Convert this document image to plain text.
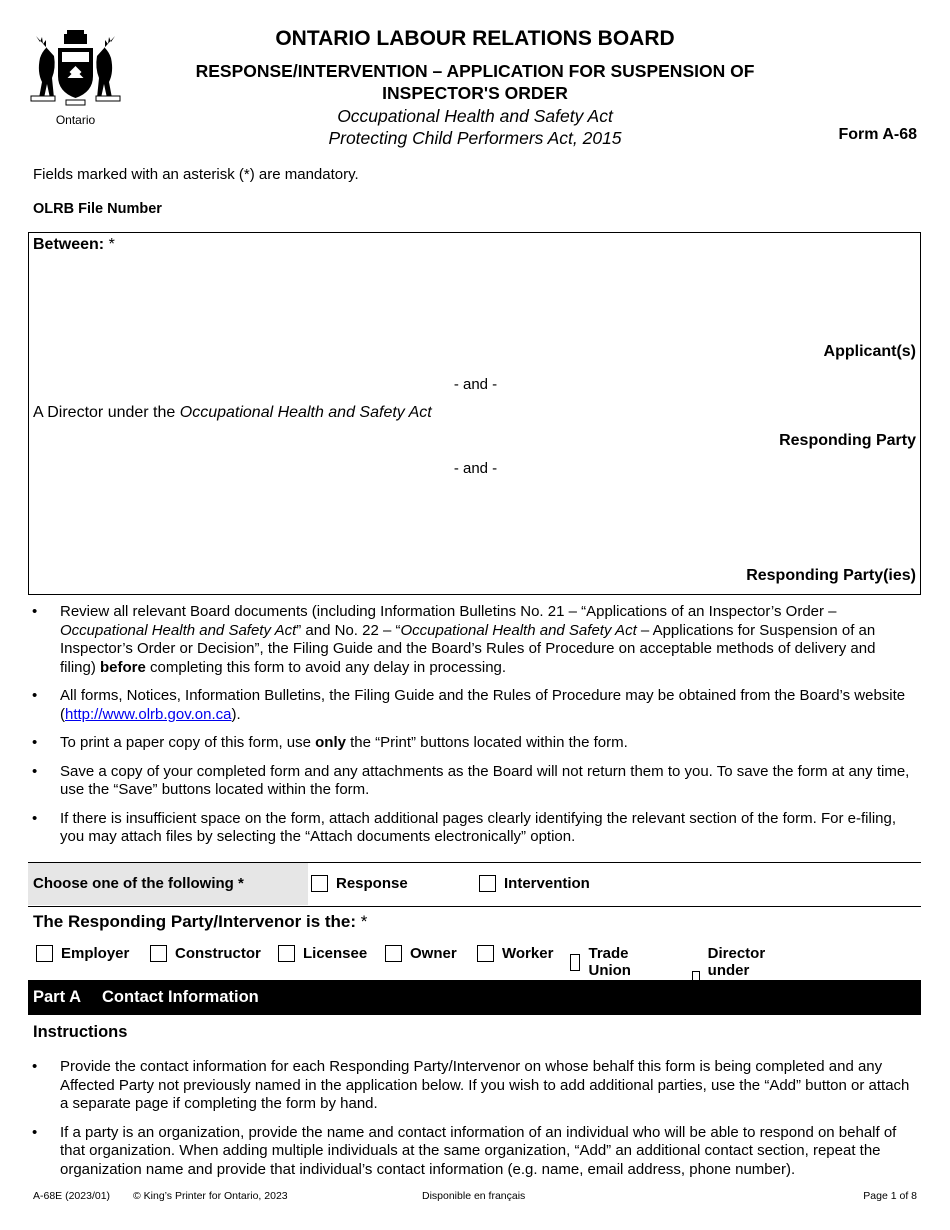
Ontario
ONTARIO LABOUR RELATIONS BOARD
RESPONSE/INTERVENTION – APPLICATION FOR SUSPENSION OF
INSPECTOR'S ORDER
Occupational Health and Safety Act
Protecting Child Performers Act, 2015	Form A-68
Fields marked with an asterisk (*) are mandatory.
OLRB File Number
Between: *
Applicant(s)
- and -
A Director under the Occupational Health and Safety Act
Responding Party
- and -
Responding Party(ies)
• Review all relevant Board documents (including Information Bulletins No. 21 – “Applications of an Inspector’s Order – Occupational Health and Safety Act” and No. 22 – “Occupational Health and Safety Act – Applications for Suspension of an Inspector’s Order or Decision”, the Filing Guide and the Board’s Rules of Procedure on acceptable methods of delivery and filing) before completing this form to avoid any delay in processing.
• All forms, Notices, Information Bulletins, the Filing Guide and the Rules of Procedure may be obtained from the Board’s website (http://www.olrb.gov.on.ca).
• To print a paper copy of this form, use only the “Print” buttons located within the form.
• Save a copy of your completed form and any attachments as the Board will not return them to you. To save the form at any time, use the “Save” buttons located within the form.
• If there is insufficient space on the form, attach additional pages clearly identifying the relevant section of the form. For e-filing, you may attach files by selecting the “Attach documents electronically” option.
Choose one of the following *	Response	Intervention
The Responding Party/Intervenor is the: *
Employer	Constructor	Licensee	Owner	Worker Trade Union
Director under
Part A Contact Information
Instructions
• Provide the contact information for each Responding Party/Intervenor on whose behalf this form is being completed and any Affected Party not previously named in the application below. If you wish to add additional parties, use the “Add” button or attach a separate page if completing the form by hand.
• If a party is an organization, provide the name and contact information of an individual who will be able to respond on behalf of that organization. When adding multiple individuals at the same organization, “Add” an additional contact section, repeat the organization name and provide that individual’s contact information (e.g. name, email address, phone number).
A-68E (2023/01) © King’s Printer for Ontario, 2023	Disponible en français	Page 1 of 8
